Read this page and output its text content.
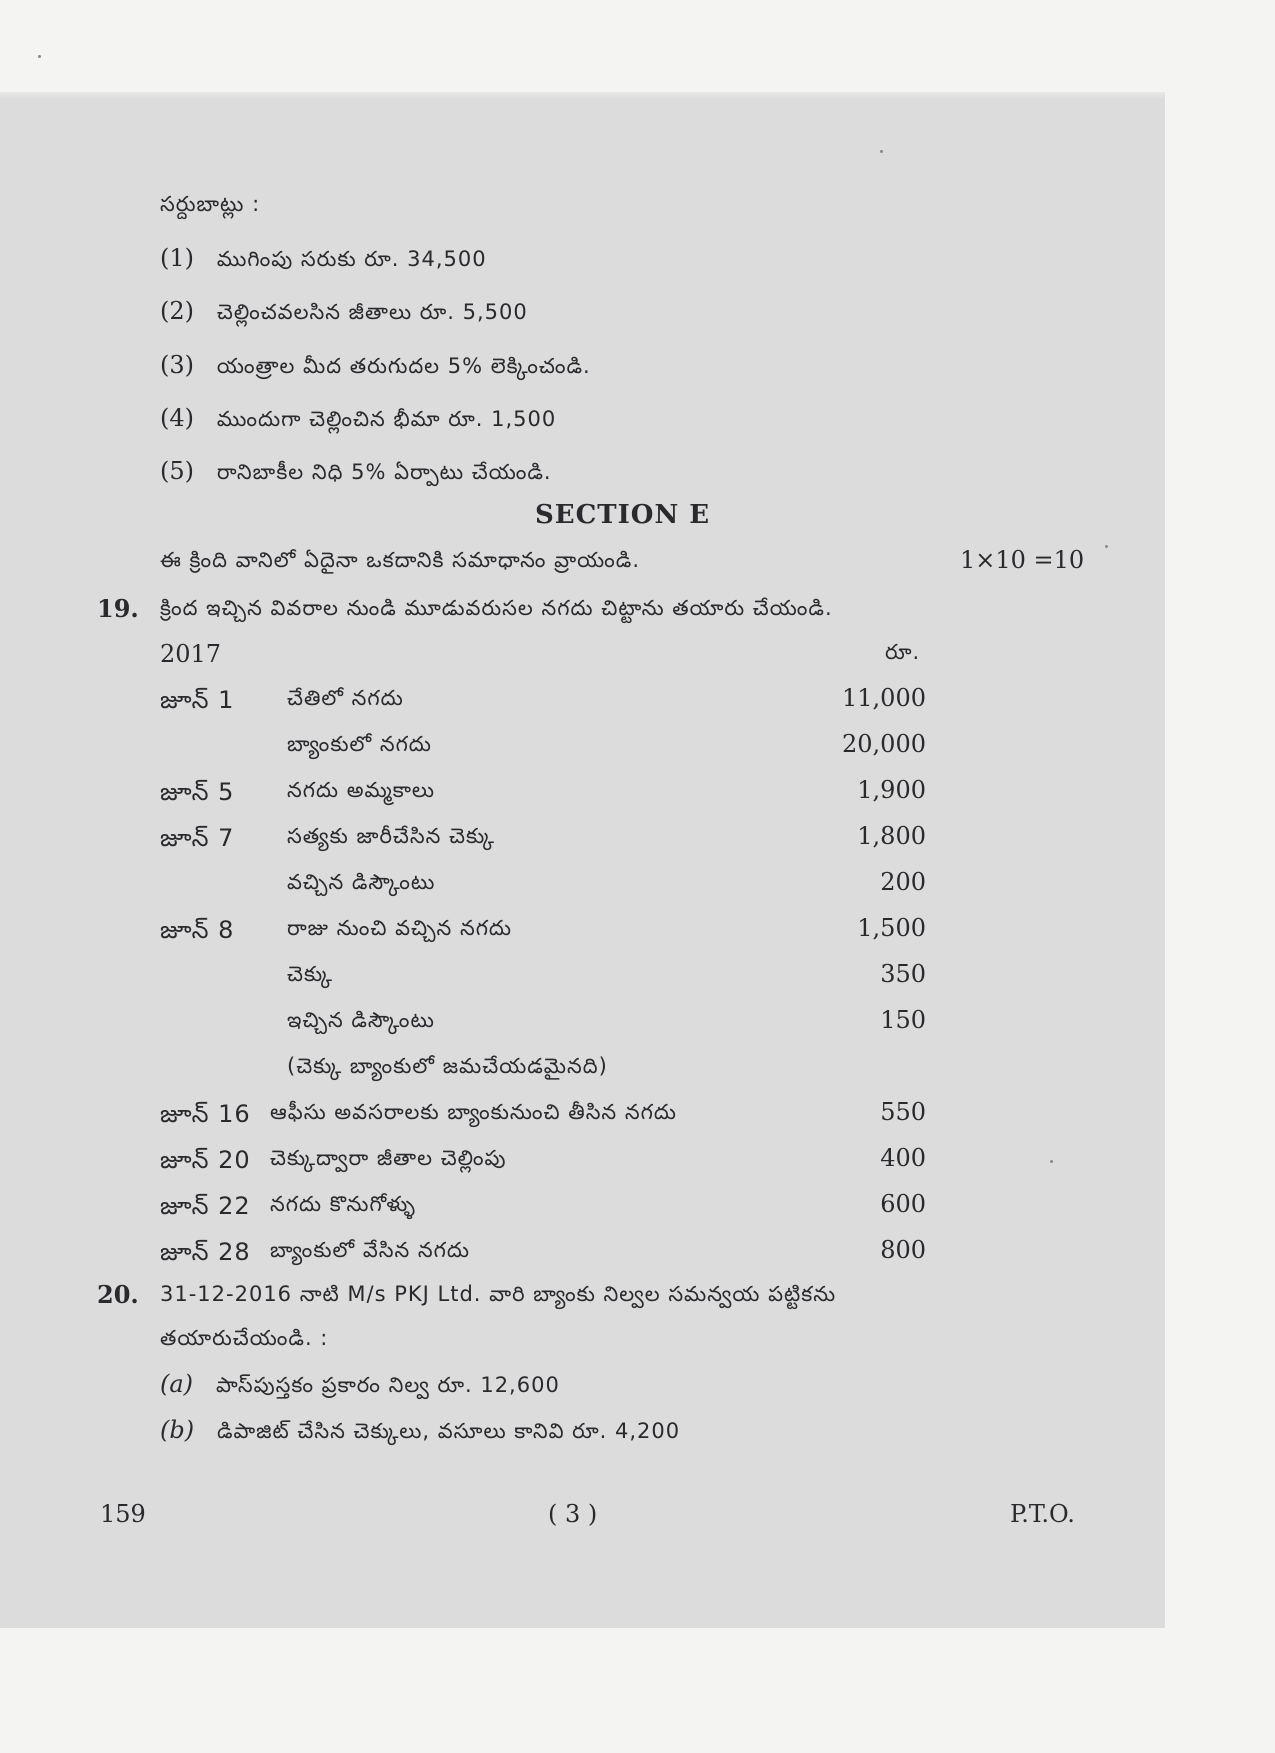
సర్దుబాట్లు :
(1) ముగింపు సరుకు రూ. 34,500
(2) చెల్లించవలసిన జీతాలు రూ. 5,500
(3) యంత్రాల మీద తరుగుదల 5% లెక్కించండి.
(4) ముందుగా చెల్లించిన భీమా రూ. 1,500
(5) రానిబాకీల నిధి 5% ఏర్పాటు చేయండి.
SECTION E
ఈ క్రింది వానిలో ఏదైనా ఒకదానికి సమాధానం వ్రాయండి.	1×10 =10
19. క్రింద ఇచ్చిన వివరాల నుండి మూడువరుసల నగదు చిట్టాను తయారు చేయండి.
2017	రూ.
జూన్ 1	చేతిలో నగదు	11,000
బ్యాంకులో నగదు	20,000
జూన్ 5	నగదు అమ్మకాలు	1,900
జూన్ 7	సత్యకు జారీచేసిన చెక్కు	1,800
వచ్చిన డిస్కౌంటు	200
జూన్ 8	రాజు నుంచి వచ్చిన నగదు	1,500
చెక్కు	350
ఇచ్చిన డిస్కౌంటు	150
(చెక్కు బ్యాంకులో జమచేయడమైనది)
జూన్ 16 ఆఫీసు అవసరాలకు బ్యాంకునుంచి తీసిన నగదు	550
జూన్ 20 చెక్కుద్వారా జీతాల చెల్లింపు	400
జూన్ 22 నగదు కొనుగోళ్ళు	600
జూన్ 28 బ్యాంకులో వేసిన నగదు	800
20. 31-12-2016 నాటి M/s PKJ Ltd. వారి బ్యాంకు నిల్వల సమన్వయ పట్టికను
తయారుచేయండి. :
(a) పాస్‌పుస్తకం ప్రకారం నిల్వ రూ. 12,600
(b) డిపాజిట్ చేసిన చెక్కులు, వసూలు కానివి రూ. 4,200
159	( 3 )	P.T.O.
